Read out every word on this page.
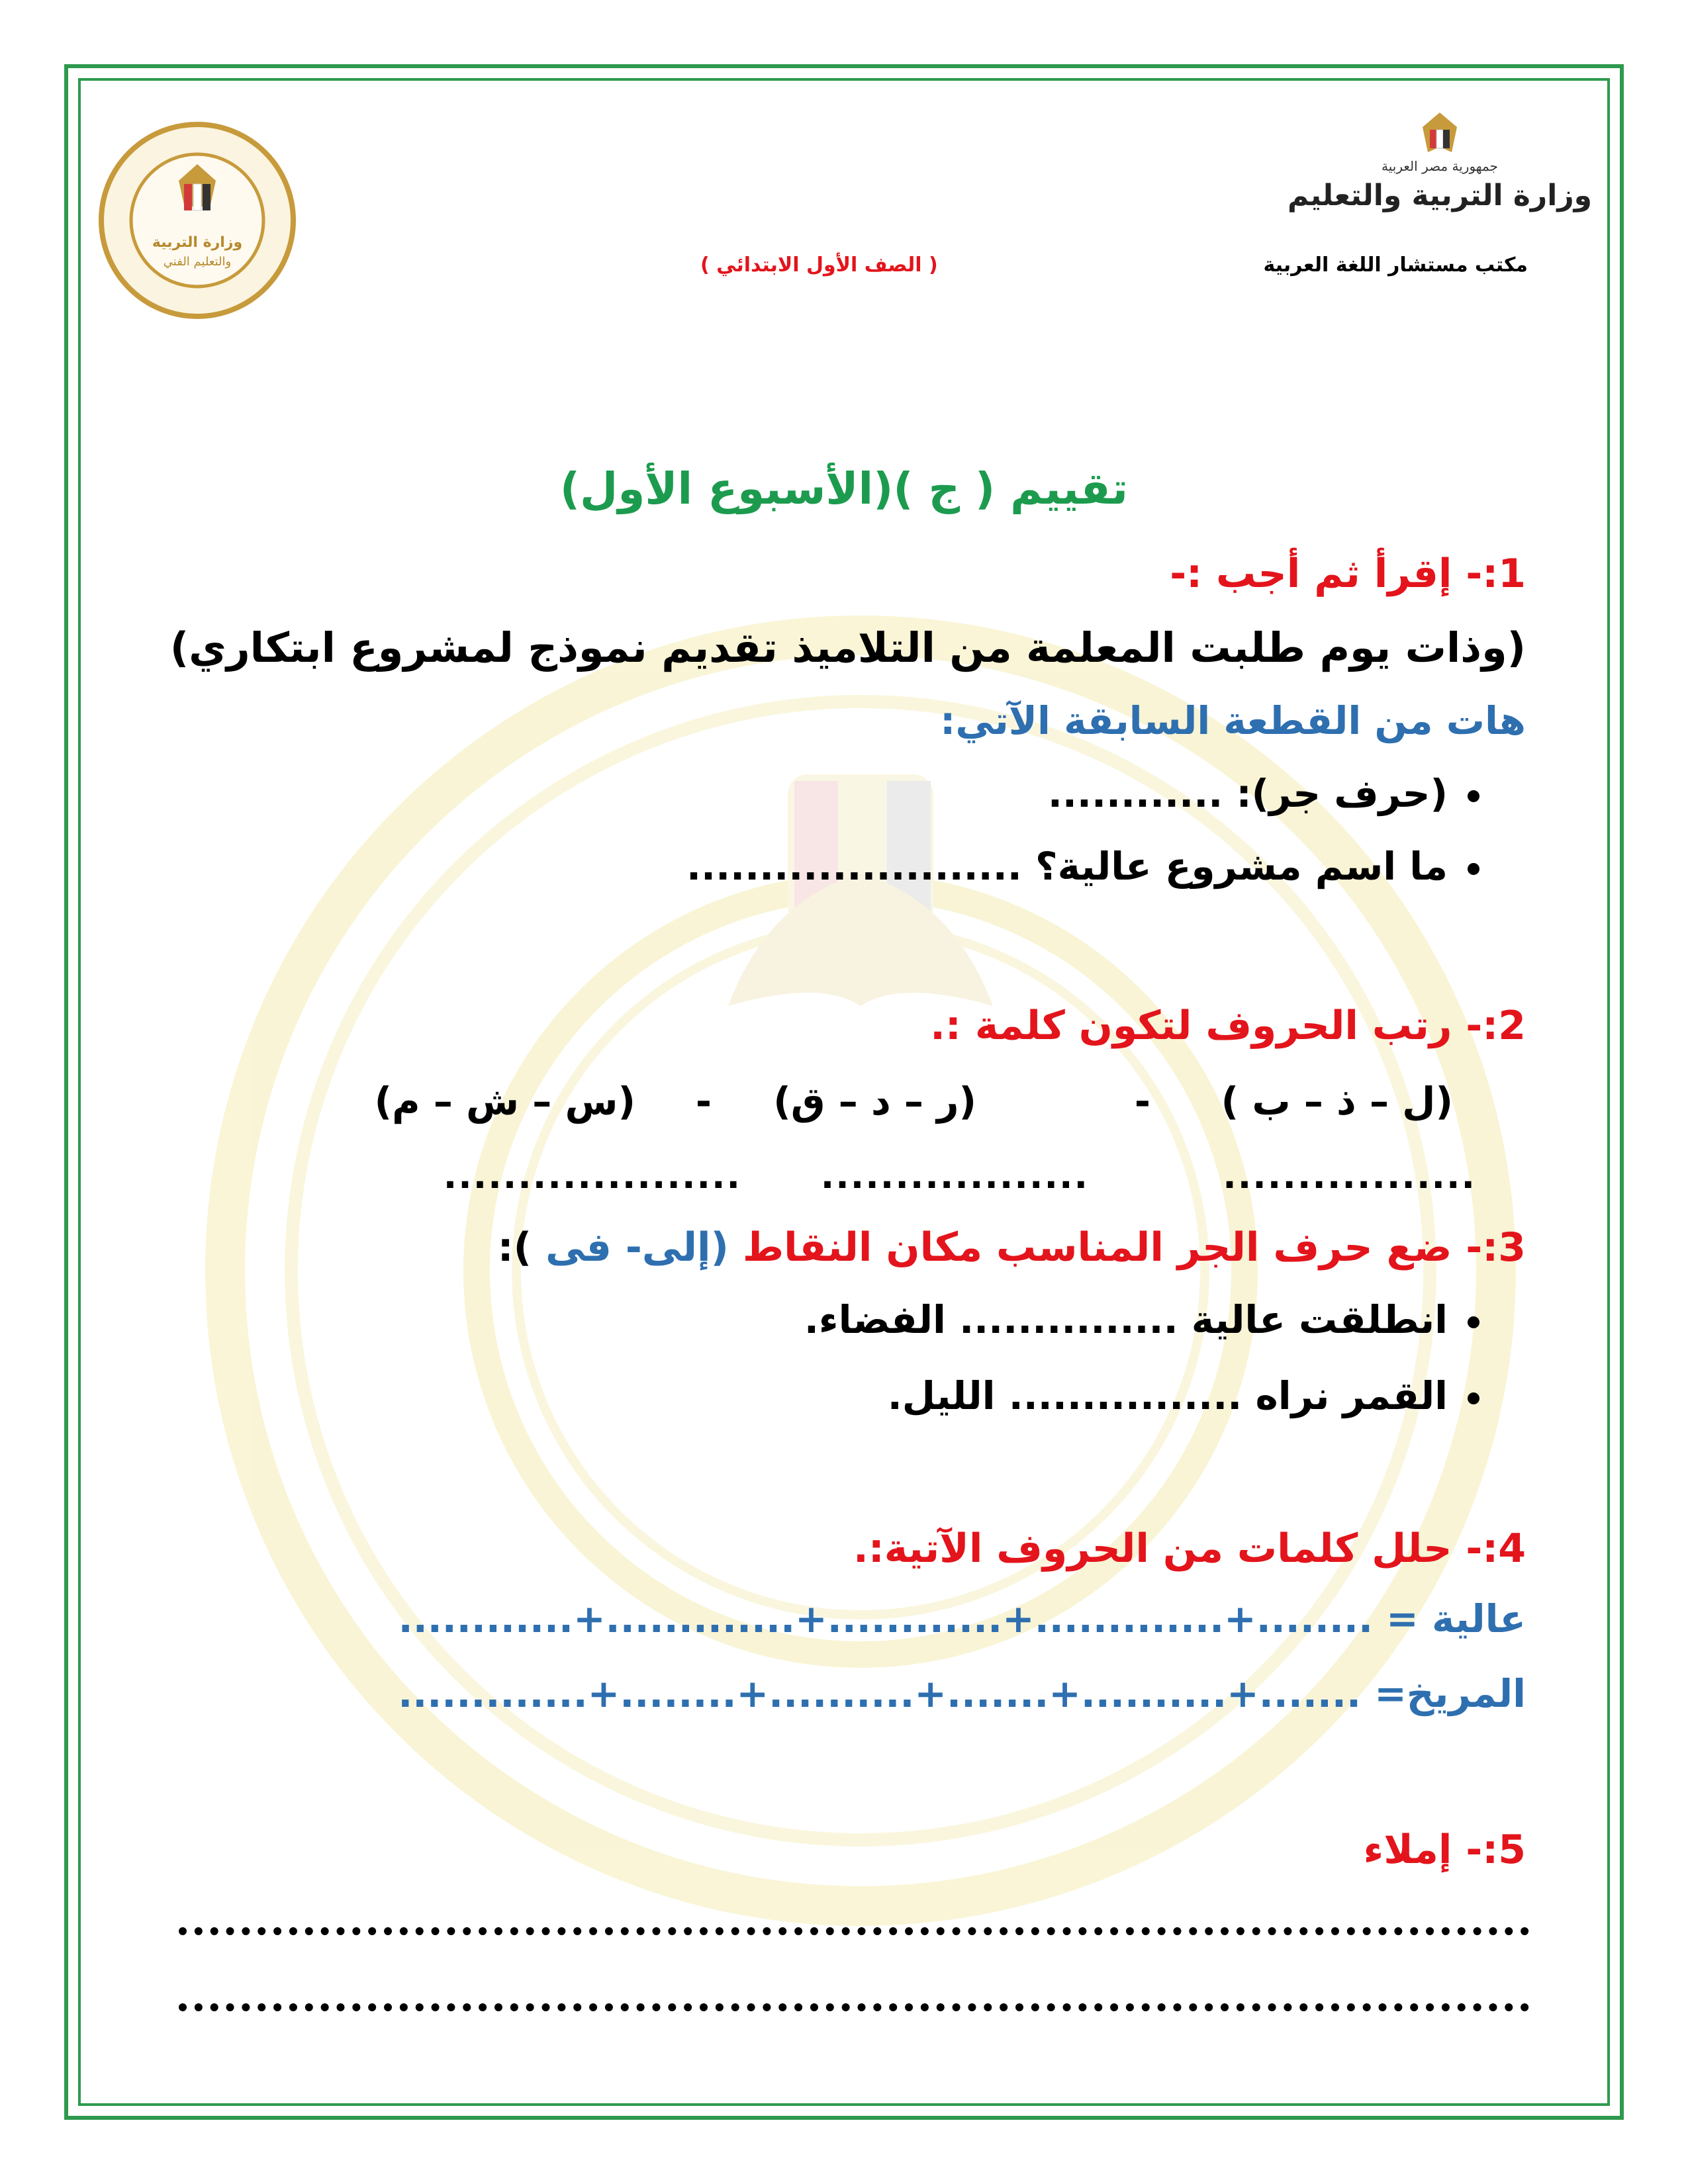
وزارة التربية
والتعليم الفني
جمهورية مصر العربية
وزارة التربية والتعليم
مكتب مستشار اللغة العربية
( الصف الأول الابتدائي )
تقييم ( ج )(الأسبوع الأول)
1:- إقرأ ثم أجب :-
(وذات يوم طلبت المعلمة من التلاميذ تقديم نموذج لمشروع ابتكاري)
هات من القطعة السابقة الآتي:
(حرف جر): ............
ما اسم مشروع عالية؟ .......................
2:- رتب الحروف لتكون كلمة :.
(ل – ذ – ب )
-
(ر – د – ق)
-
(س – ش – م)
.................
..................
....................
3:- ضع حرف الجر المناسب مكان النقاط (إلى- فى ):
انطلقت عالية ............... الفضاء.
القمر نراه ................ الليل.
4:- حلل كلمات من الحروف الآتية:.
عالية = ........+.............+............+.............+............
المريخ= .......+..........+.......+..........+........+.............
5:- إملاء
